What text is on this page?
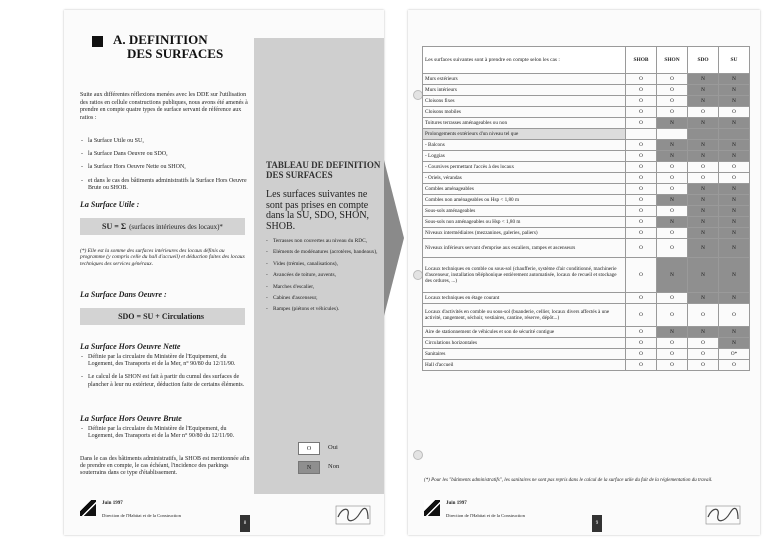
A. DEFINITION
DES SURFACES
Suite aux différentes réflexions menées avec les DDE sur l'utilisation des ratios en cellule constructions publiques, nous avons été amenés à prendre en compte quatre types de surface servant de référence aux ratios :
- la Surface Utile ou SU,
- la Surface Dans Oeuvre ou SDO,
- la Surface Hors Oeuvre Nette ou SHON,
- et dans le cas des bâtiments administratifs la Surface Hors Oeuvre Brute ou SHOB.
La Surface Utile :
SU = Σ (surfaces intérieures des locaux)*
(*) Elle est la somme des surfaces intérieures des locaux définis au programme (y compris celle du hall d'accueil) et déduction faites des locaux techniques des services généraux.
La Surface Dans Oeuvre :
SDO = SU + Circulations
La Surface Hors Oeuvre Nette
- Définie par la circulaire du Ministère de l'Equipement, du Logement, des Transports et de la Mer, n° 90/80 du 12/11/90.
- Le calcul de la SHON est fait à partir du cumul des surfaces de plancher à leur nu extérieur, déduction faite de certains éléments.
La Surface Hors Oeuvre Brute
- Définie par la circulaire du Ministère de l'Equipement, du Logement, des Transports et de la Mer n° 90/80 du 12/11/90.
Dans le cas des bâtiments administratifs, la SHOB est mentionnée afin de prendre en compte, le cas échéant, l'incidence des parkings souterrains dans ce type d'établissement.
TABLEAU DE DEFINITION DES SURFACES
Les surfaces suivantes ne sont pas prises en compte dans la SU, SDO, SHON, SHOB.
- Terrasses non couvertes au niveau du RDC,
- Eléments de modénatures (acrotères, bandeaux),
- Vides (trémies, canalisations),
- Avancées de toiture, auvents,
- Marches d'escalier,
- Cabines d'ascenseur,
- Rampes (piétons et véhicules).
O	Oui
N	Non
Juin 1997
Direction de l'Habitat et de la Construction
8
Les surfaces suivantes sont à prendre en compte selon les cas :	SHOB	SHON	SDO	SU
Murs extérieurs	O	O	N	N
Murs intérieurs	O	O	N	N
Cloisons fixes	O	O	N	N
Cloisons mobiles	O	O	O	O
Toitures terrasses aménageables ou non	O	N	N	N
Prolongements extérieurs d'un niveau tel que				
- Balcons	O	N	N	N
- Loggias	O	N	N	N
- Coursives permettant l'accès à des locaux	O	O	O	O
- Oriels, vérandas	O	O	O	O
Combles aménageables	O	O	N	N
Combles non aménageables ou Hsp < 1,80 m	O	N	N	N
Sous-sols aménageables	O	O	N	N
Sous-sols non aménageables ou Hsp < 1,80 m	O	N	N	N
Niveaux intermédiaires (mezzanines, galeries, paliers)	O	O	N	N
Niveaux inférieurs servant d'emprise aux escaliers, rampes et ascenseurs	O	O	N	N
Locaux techniques en comble ou sous-sol (chaufferie, système d'air conditionné, machinerie d'ascenseur, installation téléphonique entièrement automatisée, locaux de recueil et stockage des ordures, ...)	O	N	N	N
Locaux techniques en étage courant	O	O	N	N
Locaux d'activités en comble ou sous-sol (buanderie, cellier, locaux divers affectés à une activité, rangement, séchoir, vestiaires, cantine, réserve, dépôt...)	O	O	O	O
Aire de stationnement de véhicules et son de sécurité contigue	O	N	N	N
Circulations horizontales	O	O	O	N
Sanitaires	O	O	O	O*
Hall d'accueil	O	O	O	O
(*) Pour les "bâtiments administratifs", les sanitaires ne sont pas repris dans le calcul de la surface utile du fait de la réglementation du travail.
Juin 1997
Direction de l'Habitat et de la Construction
9
